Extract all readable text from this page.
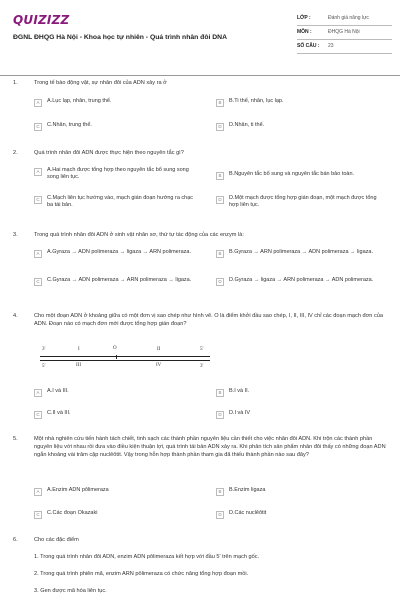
QUIZIZZ
ĐGNL ĐHQG Hà Nội - Khoa học tự nhiên - Quá trình nhân đôi DNA
LỚP :	Đánh giá năng lực
MÔN :	ĐHQG Hà Nội
SỐ CÂU :	23
1.	Trong tế bào động vật, sự nhân đôi của ADN xảy ra ở
A	A.Lục lạp, nhân, trung thể.	B	B.Ti thể, nhân, lục lạp.
C	C.Nhân, trung thể.	D	D.Nhân, ti thể.
2.	Quá trình nhân đôi ADN được thực hiện theo nguyên tắc gì?
A	A.Hai mạch được tổng hợp theo nguyên tắc bổ sung song song liên tục.	B	B.Nguyên tắc bổ sung và nguyên tắc bán bảo toàn.
C	C.Mạch liên tục hướng vào, mạch gián đoạn hướng ra chạc ba tái bản.
D	D.Một mạch được tổng hợp gián đoạn, một mạch được tổng hợp liên tục.
3.	Trong quá trình nhân đôi ADN ở sinh vật nhân sơ, thứ tự tác động của các enzym là:
A	A.Gyraza → ADN polimeraza → ligaza → ARN polimeraza.	B	B.Gyraza → ARN polimeraza → ADN polimeraza → ligaza.
C	C.Gyraza → ADN polimeraza → ARN polimeraza → ligaza.	D	D.Gyraza → ligaza → ARN polimeraza → ADN polimeraza.
4.	Cho một đoạn ADN ở khoảng giữa có một đơn vị sao chép như hình vẽ. O là điểm khởi đầu sao chép, I, II, III, IV chỉ các đoạn mạch đơn của ADN. Đoạn nào có mạch đơn mới được tổng hợp gián đoạn?
A	A.I và III.	B	B.I và II.
C	C.II và III.	D	D.I và IV
3'	I	O	II	5'
5'	III	IV	3'
5.	Một nhà nghiên cứu tiến hành tách chiết, tinh sạch các thành phần nguyên liệu cần thiết cho việc nhân đôi ADN. Khi trộn các thành phần nguyên liệu với nhau rồi đưa vào điều kiện thuận lợi, quá trình tái bản ADN xảy ra. Khi phân tích sản phẩm nhân đôi thấy có những đoạn ADN ngắn khoảng vài trăm cặp nuclêôtit. Vậy trong hỗn hợp thành phần tham gia đã thiếu thành phần nào sau đây?
A	A.Enzim ADN pôlimeraza	B	B.Enzim ligaza
C	C.Các đoạn Okazaki	D	D.Các nuclêôtit
6.	Cho các đặc điểm
1. Trong quá trình nhân đôi ADN, enzim ADN pôlimeraza kết hợp với đầu 5' trên mạch gốc.
2. Trong quá trình phiên mã, enzim ARN pôlimeraza có chức năng tổng hợp đoạn mồi.
3. Gen được mã hóa liên tục.
